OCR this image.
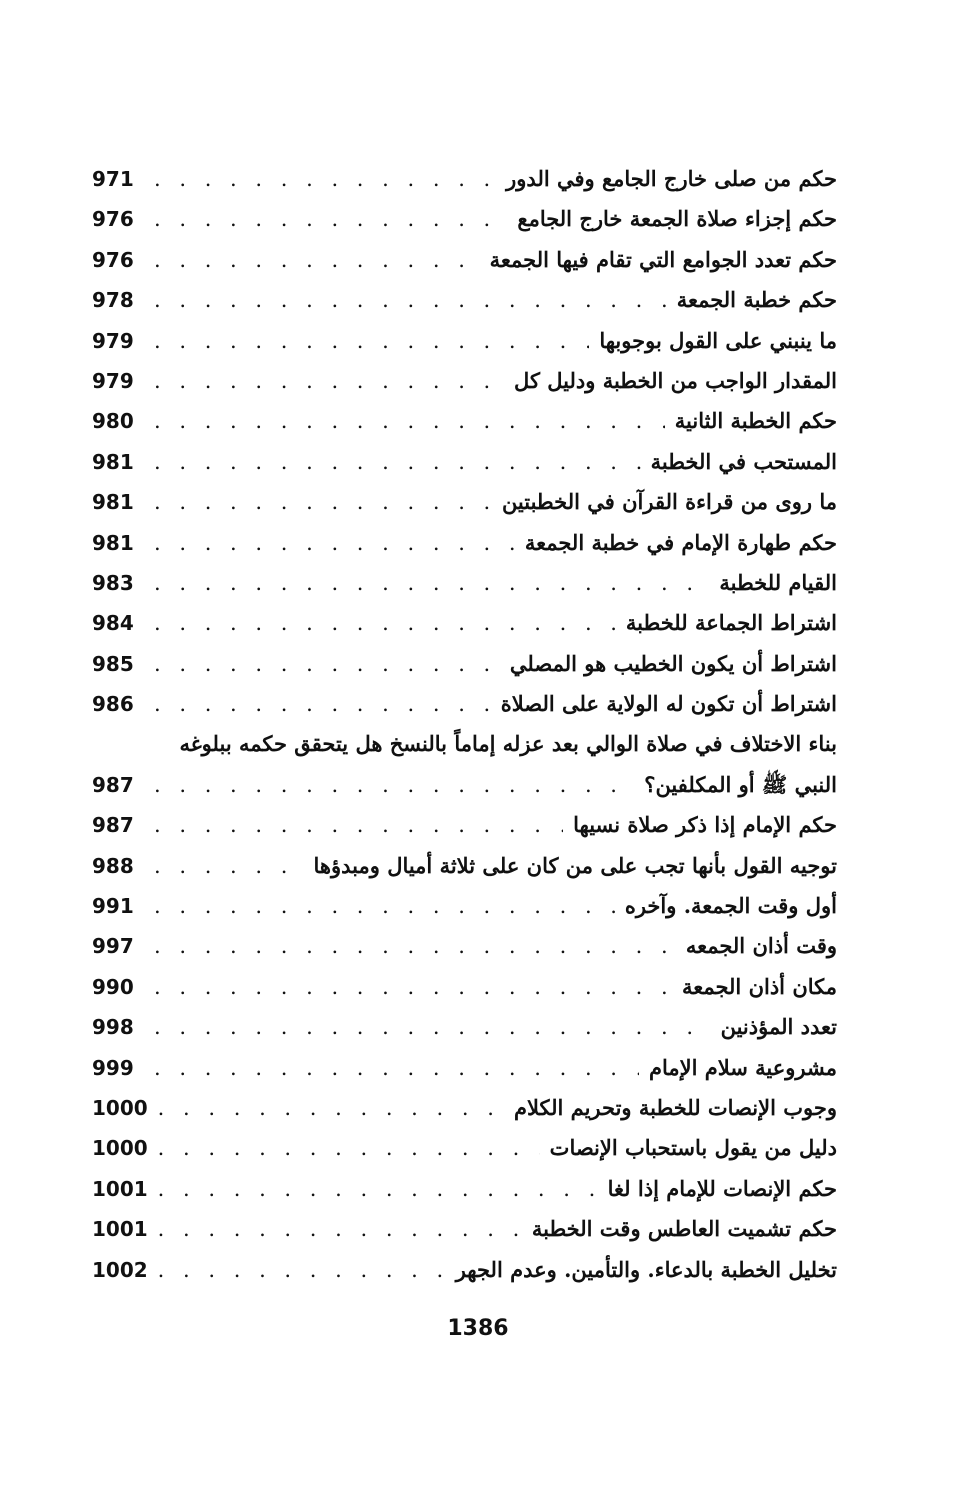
حكم من صلى خارج الجامع وفي الدور
. . .
971
حكم إجزاء صلاة الجمعة خارج الجامع
. . .
976
حكم تعدد الجوامع التي تقام فيها الجمعة
. . .
976
حكم خطبة الجمعة
. . .
978
ما ينبني على القول بوجوبها
. . .
979
المقدار الواجب من الخطبة ودليل كل
. . .
979
حكم الخطبة الثانية
. . .
980
المستحب في الخطبة
. . .
981
ما روى من قراءة القرآن في الخطبتين
. . .
981
حكم طهارة الإمام في خطبة الجمعة
. . .
981
القيام للخطبة
. . .
983
اشتراط الجماعة للخطبة
. . .
984
اشتراط أن يكون الخطيب هو المصلي
. . .
985
اشتراط أن تكون له الولاية على الصلاة
. . .
986
بناء الاختلاف في صلاة الوالي بعد عزله إماماً بالنسخ هل يتحقق حكمه ببلوغه
النبي ﷺ أو المكلفين؟
. . .
987
حكم الإمام إذا ذكر صلاة نسيها
. . .
987
توجيه القول بأنها تجب على من كان على ثلاثة أميال ومبدؤها
. . .
988
أول وقت الجمعة. وآخره
. . .
991
وقت أذان الجمعه
. . .
997
مكان أذان الجمعة
. . .
990
تعدد المؤذنين
. . .
998
مشروعية سلام الإمام
. . .
999
وجوب الإنصات للخطبة وتحريم الكلام
. . .
1000
دليل من يقول باستحباب الإنصات
. . .
1000
حكم الإنصات للإمام إذا لغا
. . .
1001
حكم تشميت العاطس وقت الخطبة
. . .
1001
تخليل الخطبة بالدعاء. والتأمين. وعدم الجهر
. . .
1002
1386
